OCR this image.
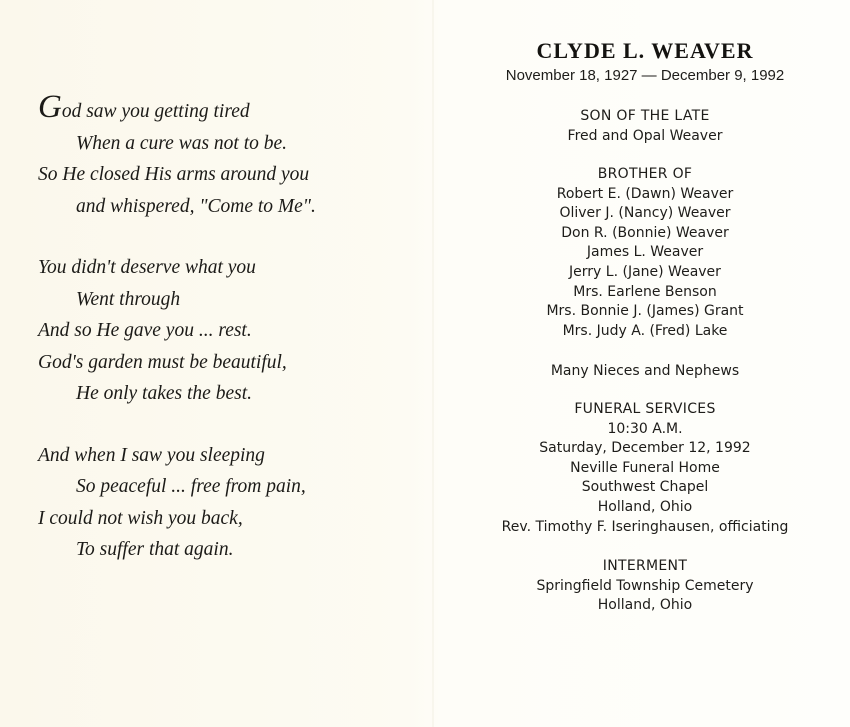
God saw you getting tired
When a cure was not to be.
So He closed His arms around you
and whispered, "Come to Me".
You didn't deserve what you
Went through
And so He gave you ... rest.
God's garden must be beautiful,
He only takes the best.
And when I saw you sleeping
So peaceful ... free from pain,
I could not wish you back,
To suffer that again.
CLYDE L. WEAVER
November 18, 1927 — December 9, 1992
SON OF THE LATE
Fred and Opal Weaver
BROTHER OF
Robert E. (Dawn) Weaver
Oliver J. (Nancy) Weaver
Don R. (Bonnie) Weaver
James L. Weaver
Jerry L. (Jane) Weaver
Mrs. Earlene Benson
Mrs. Bonnie J. (James) Grant
Mrs. Judy A. (Fred) Lake
Many Nieces and Nephews
FUNERAL SERVICES
10:30 A.M.
Saturday, December 12, 1992
Neville Funeral Home
Southwest Chapel
Holland, Ohio
Rev. Timothy F. Iseringhausen, officiating
INTERMENT
Springfield Township Cemetery
Holland, Ohio
